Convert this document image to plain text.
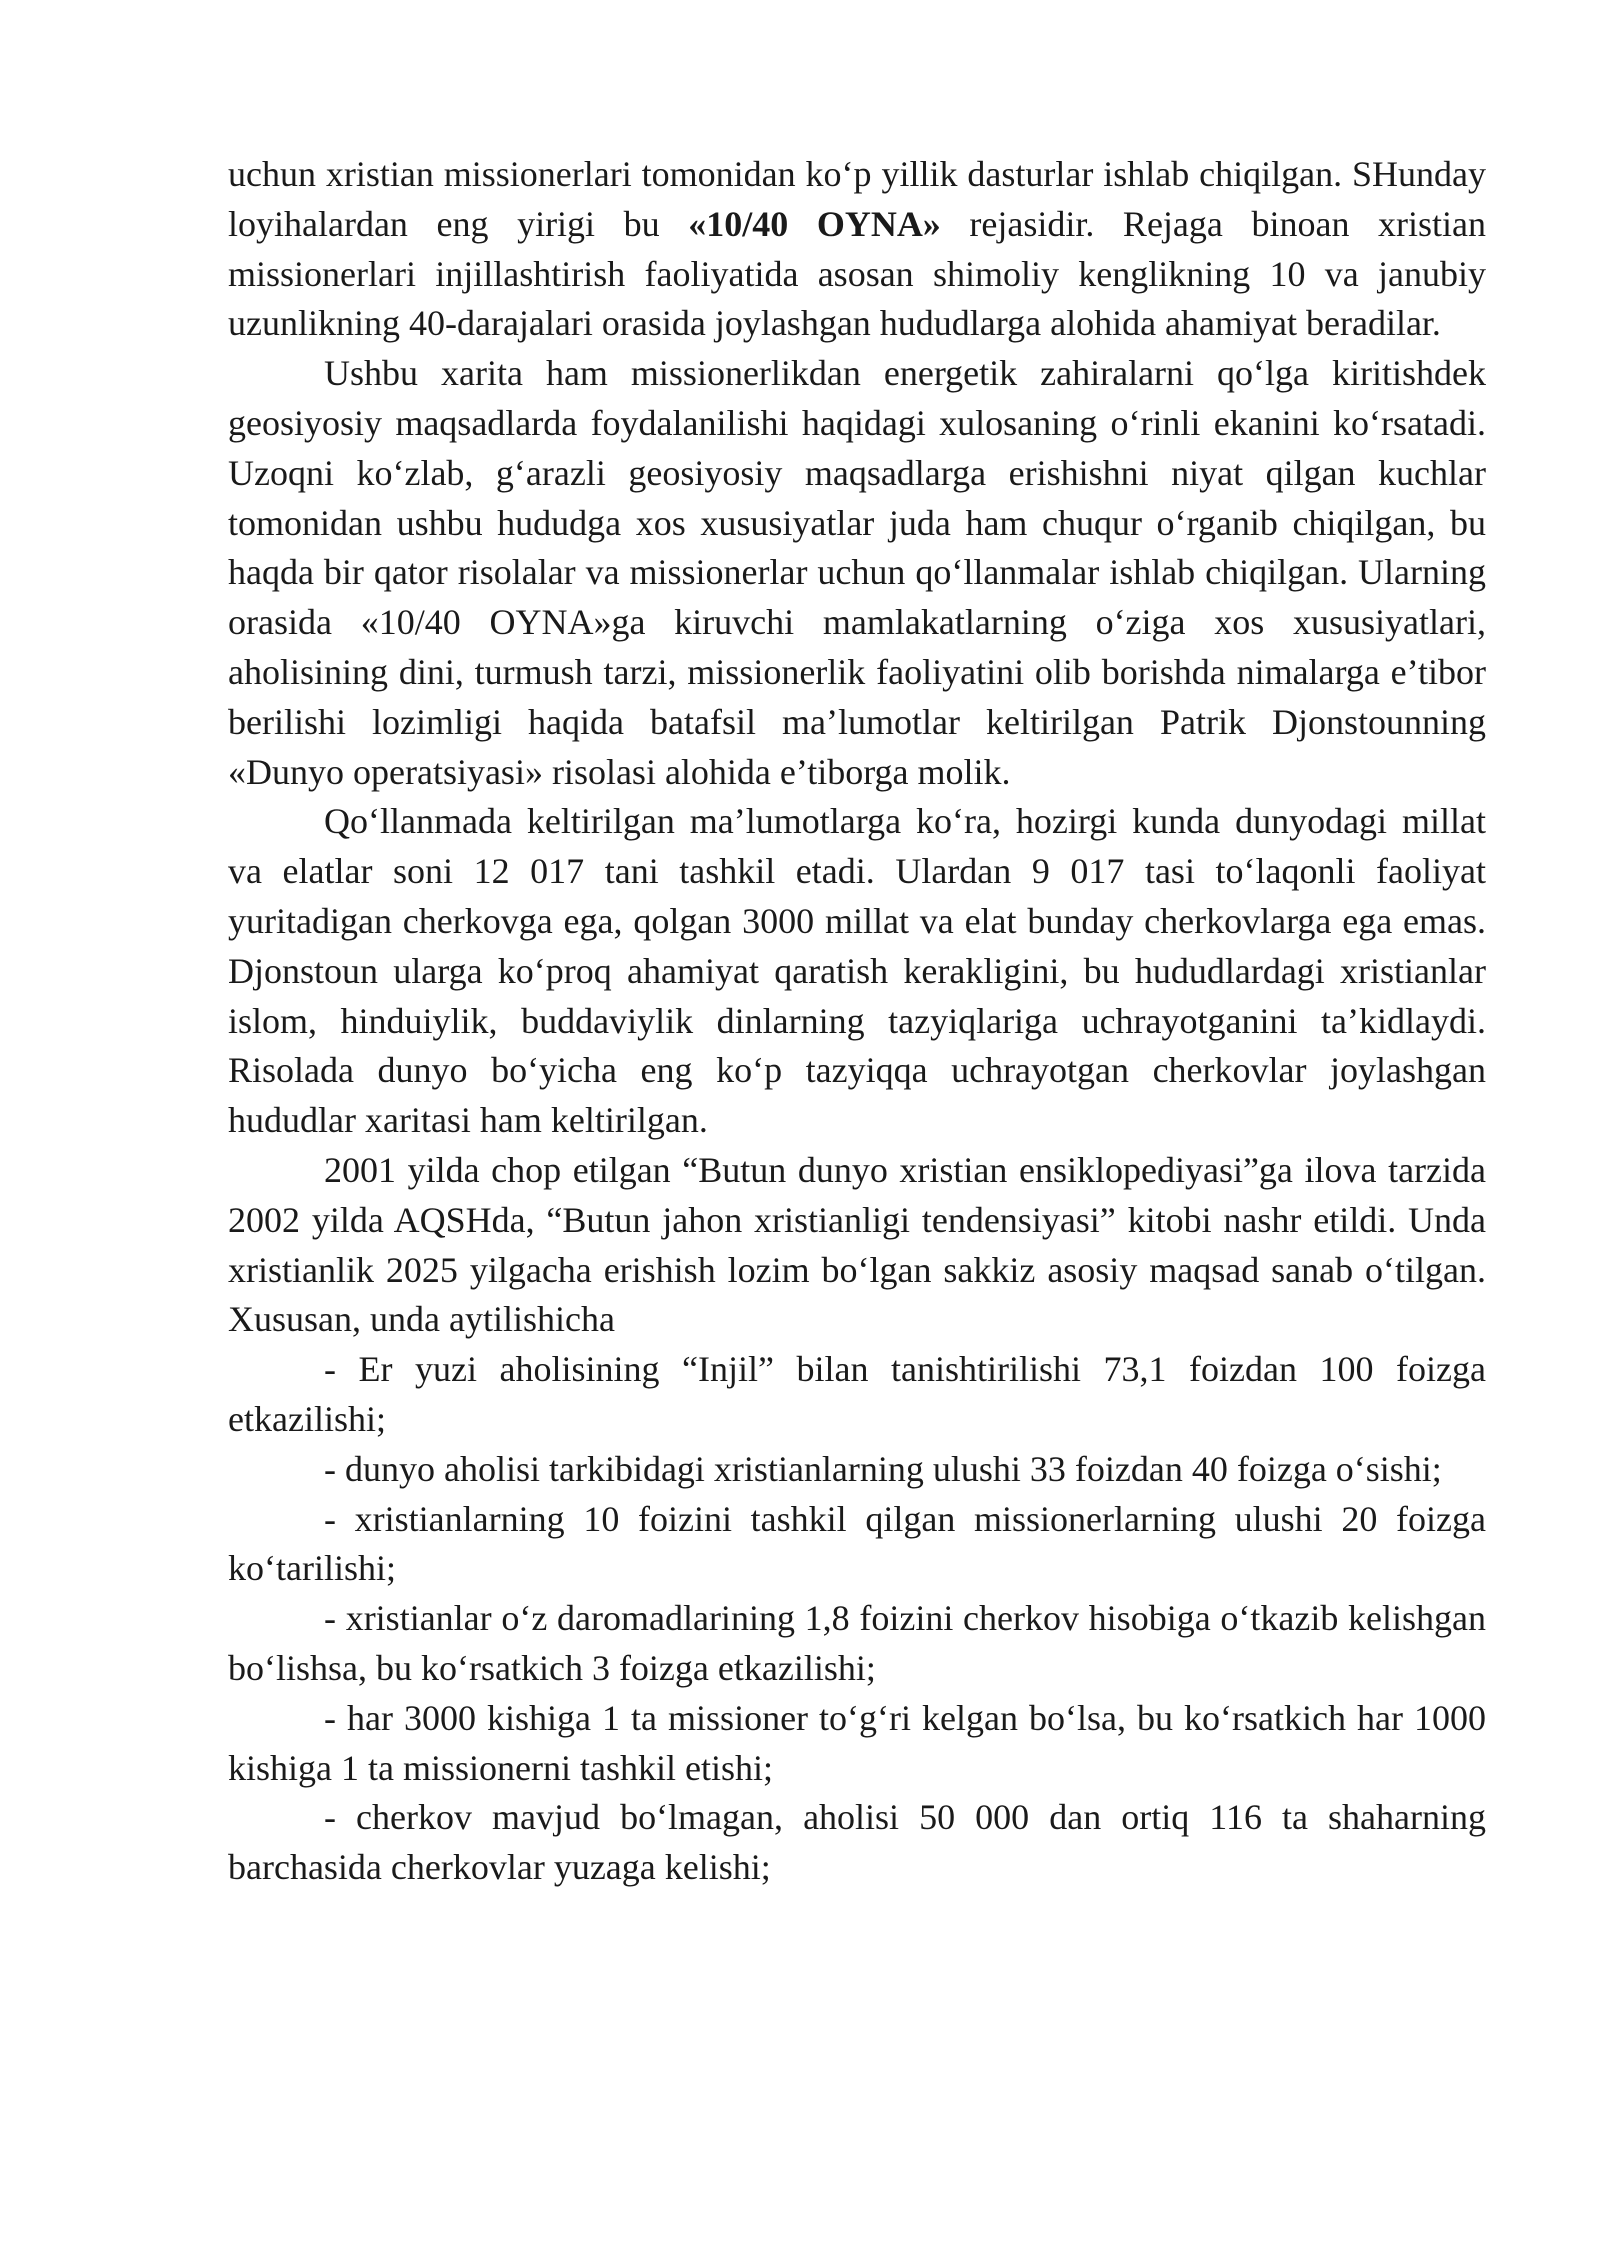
uchun xristian missionerlari tomonidan ko‘p yillik dasturlar ishlab chiqilgan. SHunday loyihalardan eng yirigi bu «10/40 OYNA» rejasidir. Rejaga binoan xristian missionerlari injillashtirish faoliyatida asosan shimoliy kenglikning 10 va janubiy uzunlikning 40-darajalari orasida joylashgan hududlarga alohida ahamiyat beradilar.

Ushbu xarita ham missionerlikdan energetik zahiralarni qo‘lga kiritishdek geosiyosiy maqsadlarda foydalanilishi haqidagi xulosaning o‘rinli ekanini ko‘rsatadi. Uzoqni ko‘zlab, g‘arazli geosiyosiy maqsadlarga erishishni niyat qilgan kuchlar tomonidan ushbu hududga xos xususiyatlar juda ham chuqur o‘rganib chiqilgan, bu haqda bir qator risolalar va missionerlar uchun qo‘llanmalar ishlab chiqilgan. Ularning orasida «10/40 OYNA»ga kiruvchi mamlakatlarning o‘ziga xos xususiyatlari, aholisining dini, turmush tarzi, missionerlik faoliyatini olib borishda nimalarga e’tibor berilishi lozimligi haqida batafsil ma’lumotlar keltirilgan Patrik Djonstounning «Dunyo operatsiyasi» risolasi alohida e’tiborga molik.

Qo‘llanmada keltirilgan ma’lumotlarga ko‘ra, hozirgi kunda dunyodagi millat va elatlar soni 12 017 tani tashkil etadi. Ulardan 9 017 tasi to‘laqonli faoliyat yuritadigan cherkovga ega, qolgan 3000 millat va elat bunday cherkovlarga ega emas. Djonstoun ularga ko‘proq ahamiyat qaratish kerakligini, bu hududlardagi xristianlar islom, hinduiylik, buddaviylik dinlarning tazyiqlariga uchrayotganini ta’kidlaydi. Risolada dunyo bo‘yicha eng ko‘p tazyiqqa uchrayotgan cherkovlar joylashgan hududlar xaritasi ham keltirilgan.

2001 yilda chop etilgan “Butun dunyo xristian ensiklopediyasi”ga ilova tarzida 2002 yilda AQSHda, “Butun jahon xristianligi tendensiyasi” kitobi nashr etildi. Unda xristianlik 2025 yilgacha erishish lozim bo‘lgan sakkiz asosiy maqsad sanab o‘tilgan. Xususan, unda aytilishicha

- Er yuzi aholisining “Injil” bilan tanishtirilishi 73,1 foizdan 100 foizga etkazilishi;

- dunyo aholisi tarkibidagi xristianlarning ulushi 33 foizdan 40 foizga o‘sishi;

- xristianlarning 10 foizini tashkil qilgan missionerlarning ulushi 20 foizga ko‘tarilishi;

- xristianlar o‘z daromadlarining 1,8 foizini cherkov hisobiga o‘tkazib kelishgan bo‘lishsa, bu ko‘rsatkich 3 foizga etkazilishi;

- har 3000 kishiga 1 ta missioner to‘g‘ri kelgan bo‘lsa, bu ko‘rsatkich har 1000 kishiga 1 ta missionerni tashkil etishi;

- cherkov mavjud bo‘lmagan, aholisi 50 000 dan ortiq 116 ta shaharning barchasida cherkovlar yuzaga kelishi;
